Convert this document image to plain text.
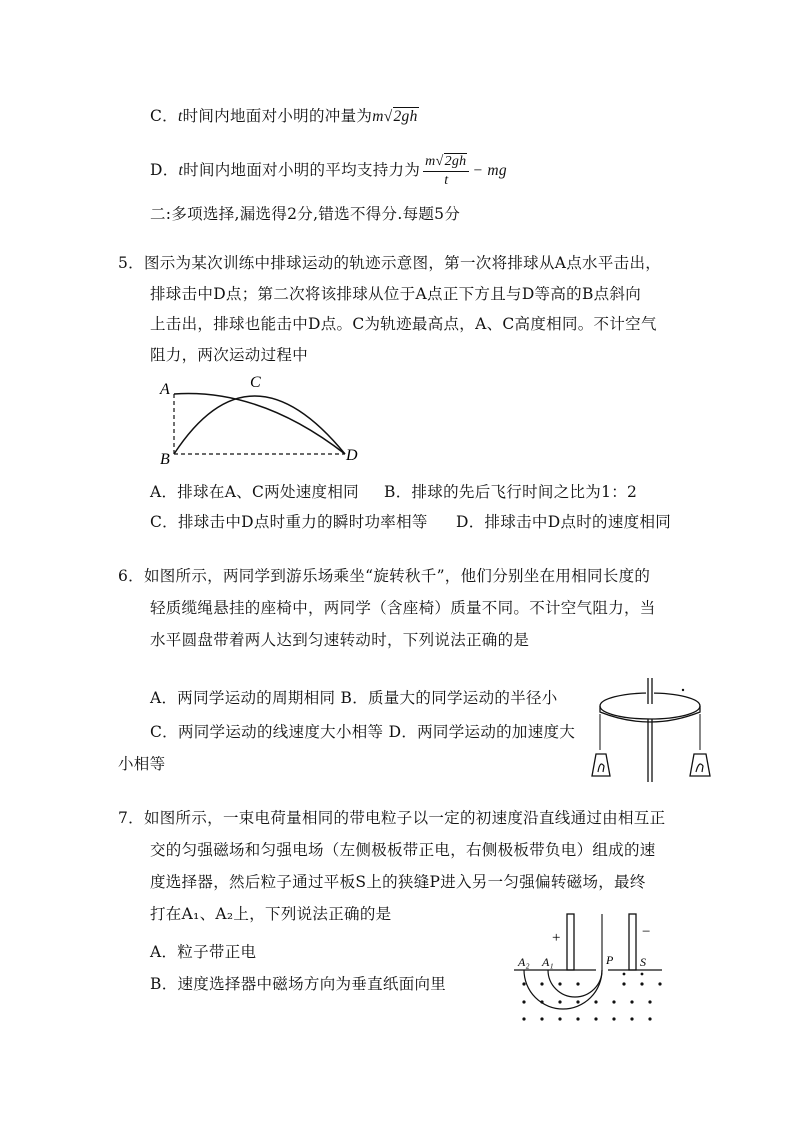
C．t时间内地面对小明的冲量为m√2gh
D．t时间内地面对小明的平均支持力为 $\frac{m√2gh}{t}$ − mg
二:多项选择,漏选得2分,错选不得分.每题5分
5．图示为某次训练中排球运动的轨迹示意图，第一次将排球从A点水平击出，
排球击中D点；第二次将该排球从位于A点正下方且与D等高的B点斜向
上击出，排球也能击中D点。C为轨迹最高点，A、C高度相同。不计空气
阻力，两次运动过程中
A
B
C
D
A．排球在A、C两处速度相同 B．排球的先后飞行时间之比为1：2
C．排球击中D点时重力的瞬时功率相等 D．排球击中D点时的速度相同
6．如图所示，两同学到游乐场乘坐“旋转秋千”，他们分别坐在用相同长度的
轻质缆绳悬挂的座椅中，两同学（含座椅）质量不同。不计空气阻力，当
水平圆盘带着两人达到匀速转动时，下列说法正确的是
A．两同学运动的周期相同 B．质量大的同学运动的半径小
C．两同学运动的线速度大小相等 D．两同学运动的加速度大
小相等
7．如图所示，一束电荷量相同的带电粒子以一定的初速度沿直线通过由相互正
交的匀强磁场和匀强电场（左侧极板带正电，右侧极板带负电）组成的速
度选择器，然后粒子通过平板S上的狭缝P进入另一匀强偏转磁场，最终
打在A₁、A₂上，下列说法正确的是
A．粒子带正电
B．速度选择器中磁场方向为垂直纸面向里
+	−
A₂ A₁	P S
